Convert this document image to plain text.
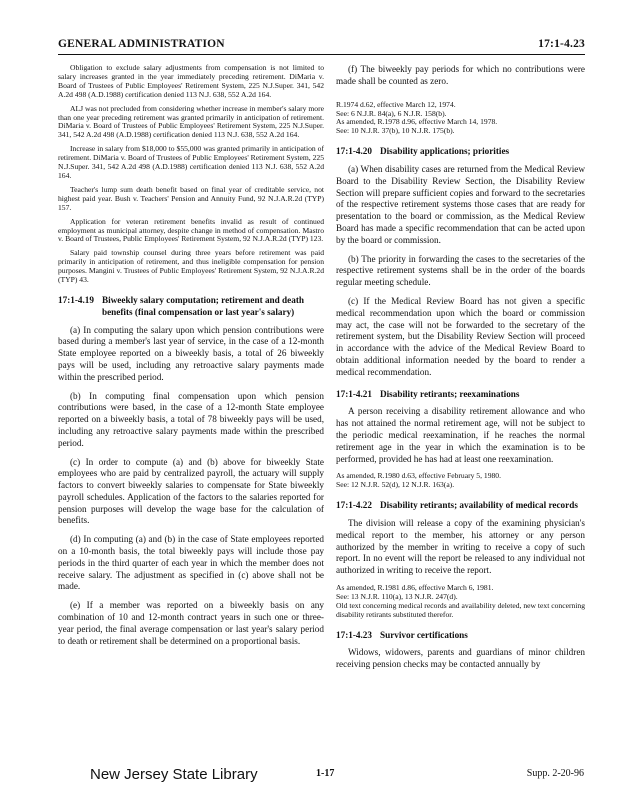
GENERAL ADMINISTRATION	17:1-4.23

Obligation to exclude salary adjustments from compensation is not limited to salary increases granted in the year immediately preceding retirement. DiMaria v. Board of Trustees of Public Employees' Retirement System, 225 N.J.Super. 341, 542 A.2d 498 (A.D.1988) certification denied 113 N.J. 638, 552 A.2d 164.

ALJ was not precluded from considering whether increase in member's salary more than one year preceding retirement was granted primarily in anticipation of retirement. DiMaria v. Board of Trustees of Public Employees' Retirement System, 225 N.J.Super. 341, 542 A.2d 498 (A.D.1988) certification denied 113 N.J. 638, 552 A.2d 164.

Increase in salary from $18,000 to $55,000 was granted primarily in anticipation of retirement. DiMaria v. Board of Trustees of Public Employees' Retirement System, 225 N.J.Super. 341, 542 A.2d 498 (A.D.1988) certification denied 113 N.J. 638, 552 A.2d 164.

Teacher's lump sum death benefit based on final year of creditable service, not highest paid year. Bush v. Teachers' Pension and Annuity Fund, 92 N.J.A.R.2d (TYP) 157.

Application for veteran retirement benefits invalid as result of continued employment as municipal attorney, despite change in method of compensation. Mastro v. Board of Trustees, Public Employees' Retirement System, 92 N.J.A.R.2d (TYP) 123.

Salary paid township counsel during three years before retirement was paid primarily in anticipation of retirement, and thus ineligible compensation for pension purposes. Mangini v. Trustees of Public Employees' Retirement System, 92 N.J.A.R.2d (TYP) 43.

17:1-4.19 Biweekly salary computation; retirement and death benefits (final compensation or last year's salary)

(a) In computing the salary upon which pension contributions were based during a member's last year of service, in the case of a 12-month State employee reported on a biweekly basis, a total of 26 biweekly pays will be used, including any retroactive salary payments made within the prescribed period.

(b) In computing final compensation upon which pension contributions were based, in the case of a 12-month State employee reported on a biweekly basis, a total of 78 biweekly pays will be used, including any retroactive salary payments made within the prescribed period.

(c) In order to compute (a) and (b) above for biweekly State employees who are paid by centralized payroll, the actuary will supply factors to convert biweekly salaries to compensate for State biweekly payroll schedules. Application of the factors to the salaries reported for pension purposes will develop the wage base for the calculation of benefits.

(d) In computing (a) and (b) in the case of State employees reported on a 10-month basis, the total biweekly pays will include those pay periods in the third quarter of each year in which the member does not receive salary. The adjustment as specified in (c) above shall not be made.

(e) If a member was reported on a biweekly basis on any combination of 10 and 12-month contract years in such one or three-year period, the final average compensation or last year's salary period to death or retirement shall be determined on a proportional basis.

(f) The biweekly pay periods for which no contributions were made shall be counted as zero.

R.1974 d.62, effective March 12, 1974.

See: 6 N.J.R. 84(a), 6 N.J.R. 158(b).

As amended, R.1978 d.96, effective March 14, 1978.

See: 10 N.J.R. 37(b), 10 N.J.R. 175(b).

17:1-4.20 Disability applications; priorities

(a) When disability cases are returned from the Medical Review Board to the Disability Review Section, the Disability Review Section will prepare sufficient copies and forward to the secretaries of the respective retirement systems those cases that are ready for presentation to the board or commission, as the Medical Review Board has made a specific recommendation that can be acted upon by the board or commission.

(b) The priority in forwarding the cases to the secretaries of the respective retirement systems shall be in the order of the boards regular meeting schedule.

(c) If the Medical Review Board has not given a specific medical recommendation upon which the board or commission may act, the case will not be forwarded to the secretary of the retirement system, but the Disability Review Section will proceed in accordance with the advice of the Medical Review Board to obtain additional information needed by the board to render a medical recommendation.

17:1-4.21 Disability retirants; reexaminations

A person receiving a disability retirement allowance and who has not attained the normal retirement age, will not be subject to the periodic medical reexamination, if he reaches the normal retirement age in the year in which the examination is to be performed, provided he has had at least one reexamination.

As amended, R.1980 d.63, effective February 5, 1980.

See: 12 N.J.R. 52(d), 12 N.J.R. 163(a).

17:1-4.22 Disability retirants; availability of medical records

The division will release a copy of the examining physician's medical report to the member, his attorney or any person authorized by the member in writing to receive a copy of such report. In no event will the report be released to any individual not authorized in writing to receive the report.

As amended, R.1981 d.86, effective March 6, 1981.

See: 13 N.J.R. 110(a), 13 N.J.R. 247(d).

Old text concerning medical records and availability deleted, new text concerning disability retirants substituted therefor.

17:1-4.23 Survivor certifications

Widows, widowers, parents and guardians of minor children receiving pension checks may be contacted annually by

New Jersey State Library	1-17	Supp. 2-20-96
